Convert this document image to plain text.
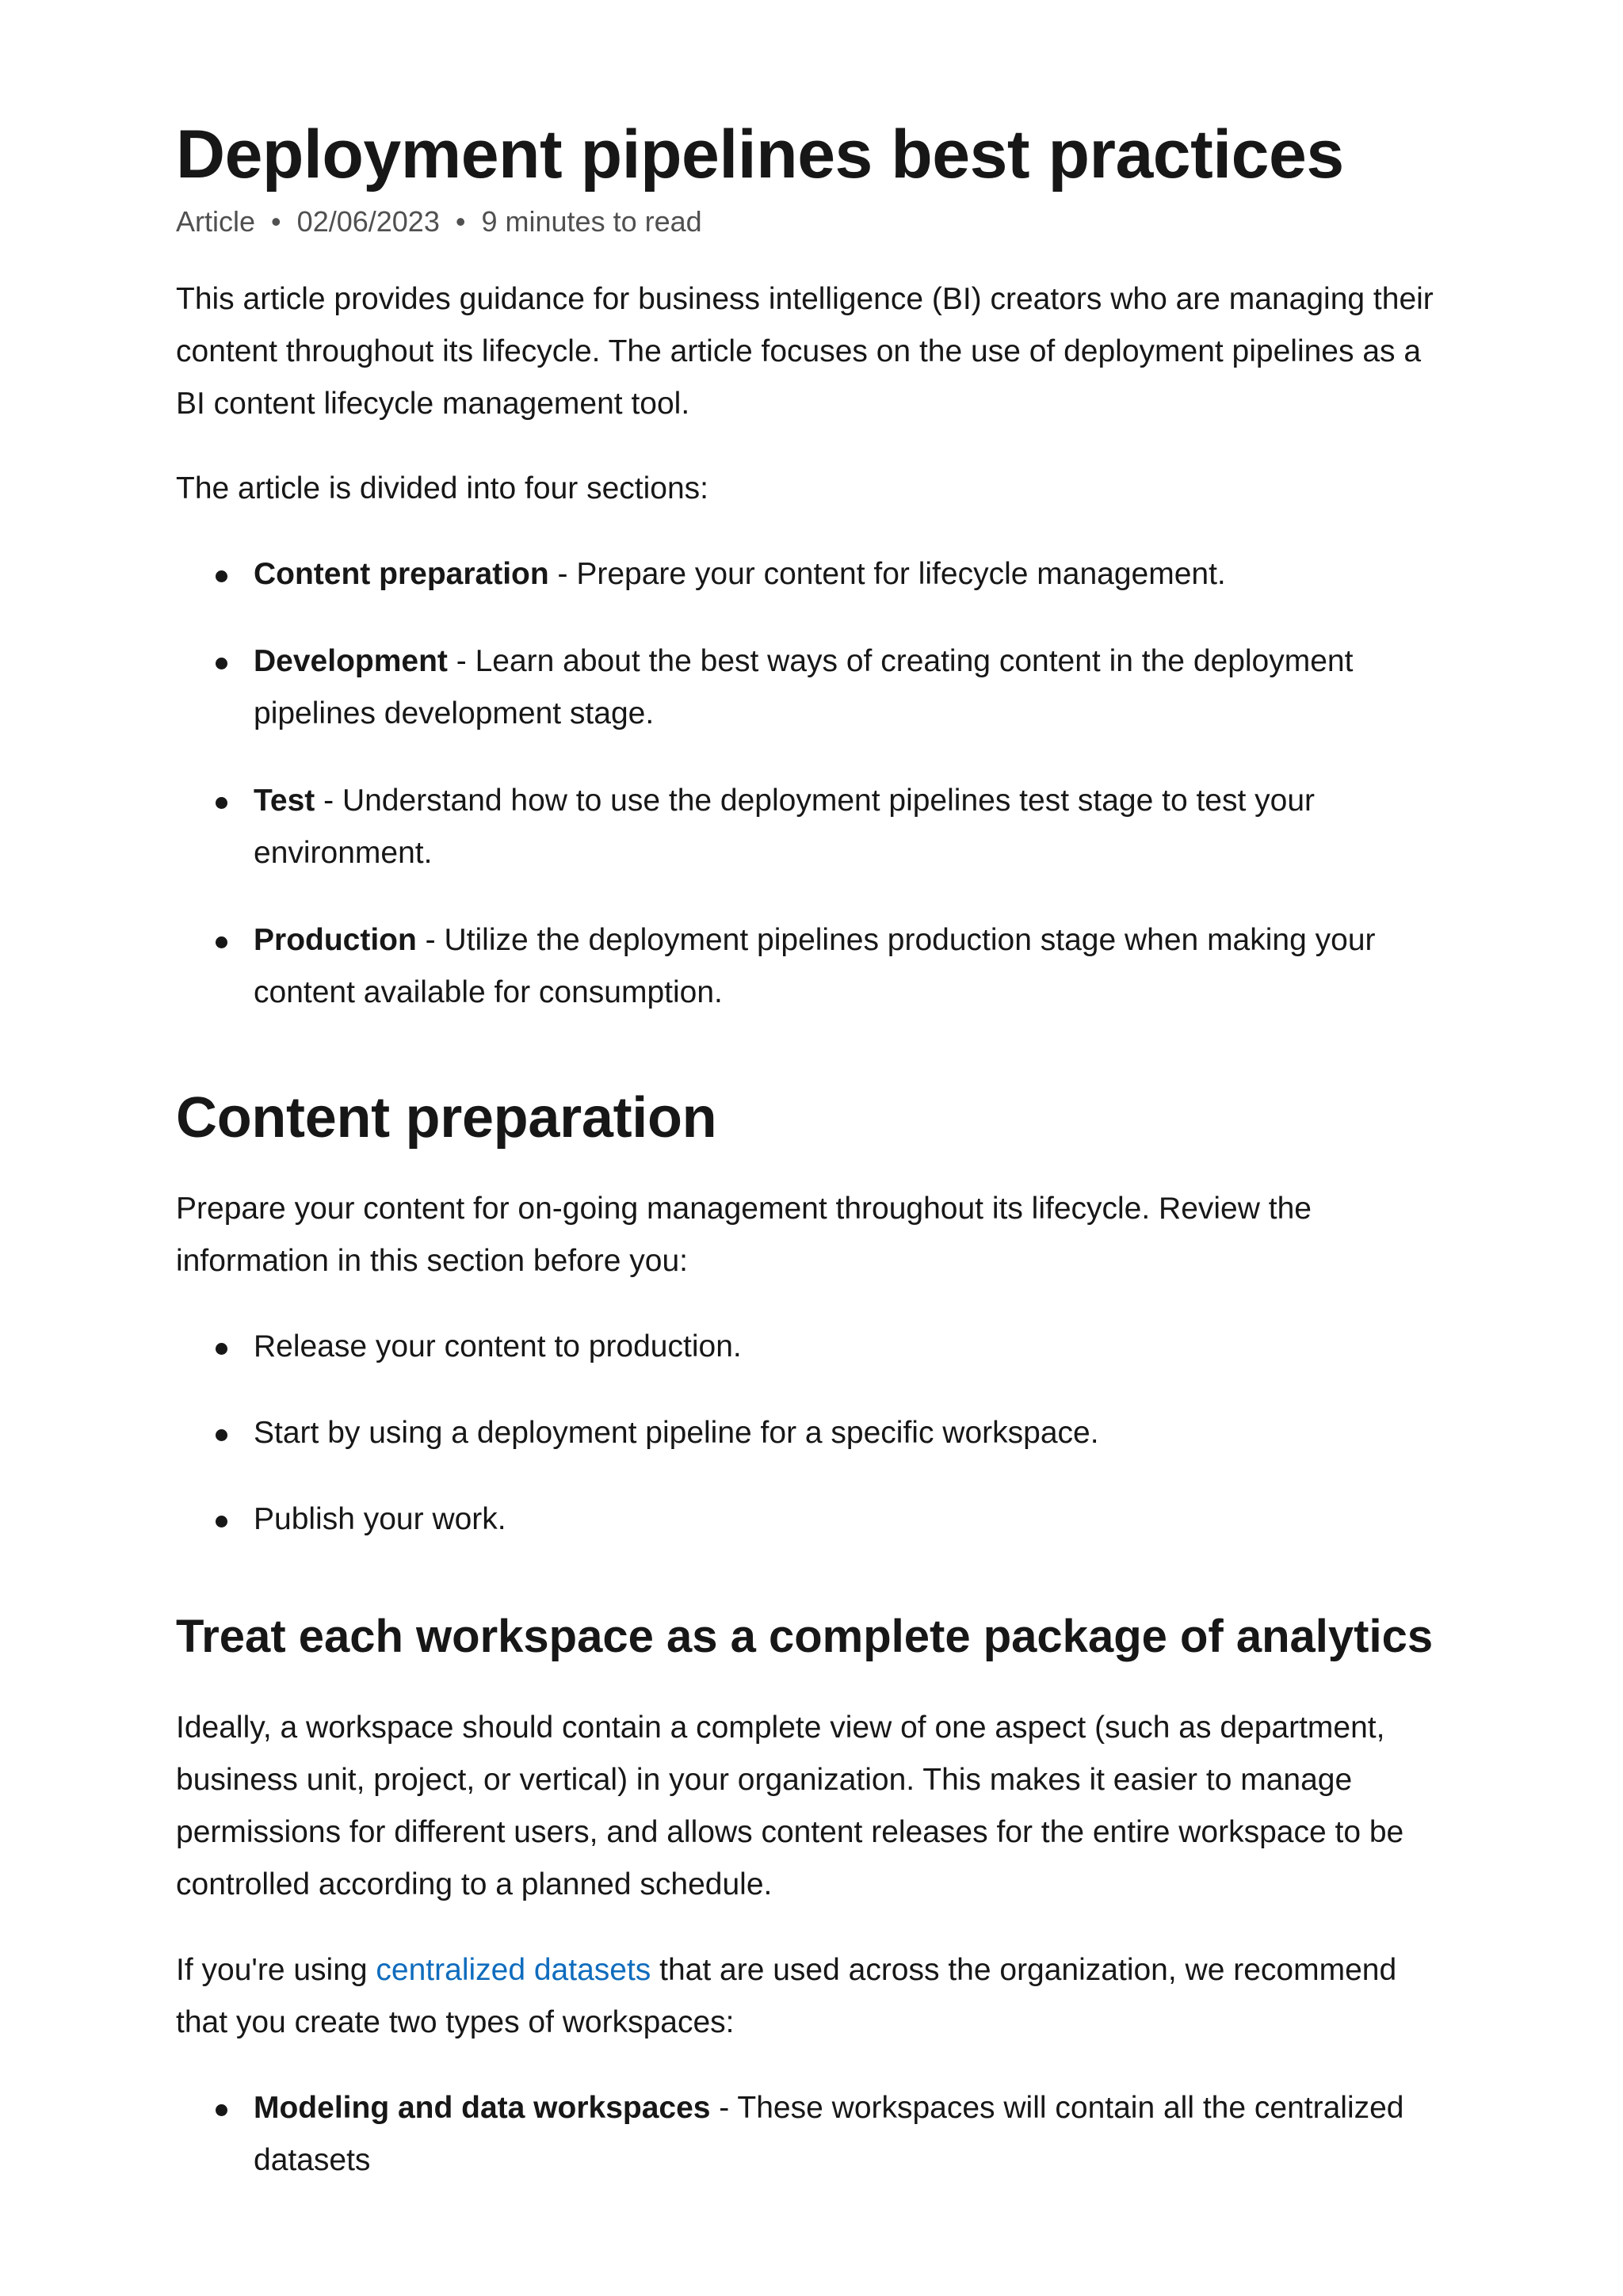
Deployment pipelines best practices
Article • 02/06/2023 • 9 minutes to read

This article provides guidance for business intelligence (BI) creators who are managing their content throughout its lifecycle. The article focuses on the use of deployment pipelines as a BI content lifecycle management tool.

The article is divided into four sections:

Content preparation - Prepare your content for lifecycle management.
Development - Learn about the best ways of creating content in the deployment pipelines development stage.
Test - Understand how to use the deployment pipelines test stage to test your environment.
Production - Utilize the deployment pipelines production stage when making your content available for consumption.
Content preparation

Prepare your content for on-going management throughout its lifecycle. Review the information in this section before you:

Release your content to production.
Start by using a deployment pipeline for a specific workspace.
Publish your work.
Treat each workspace as a complete package of analytics

Ideally, a workspace should contain a complete view of one aspect (such as department, business unit, project, or vertical) in your organization. This makes it easier to manage permissions for different users, and allows content releases for the entire workspace to be controlled according to a planned schedule.

If you're using centralized datasets that are used across the organization, we recommend that you create two types of workspaces:

Modeling and data workspaces - These workspaces will contain all the centralized datasets
